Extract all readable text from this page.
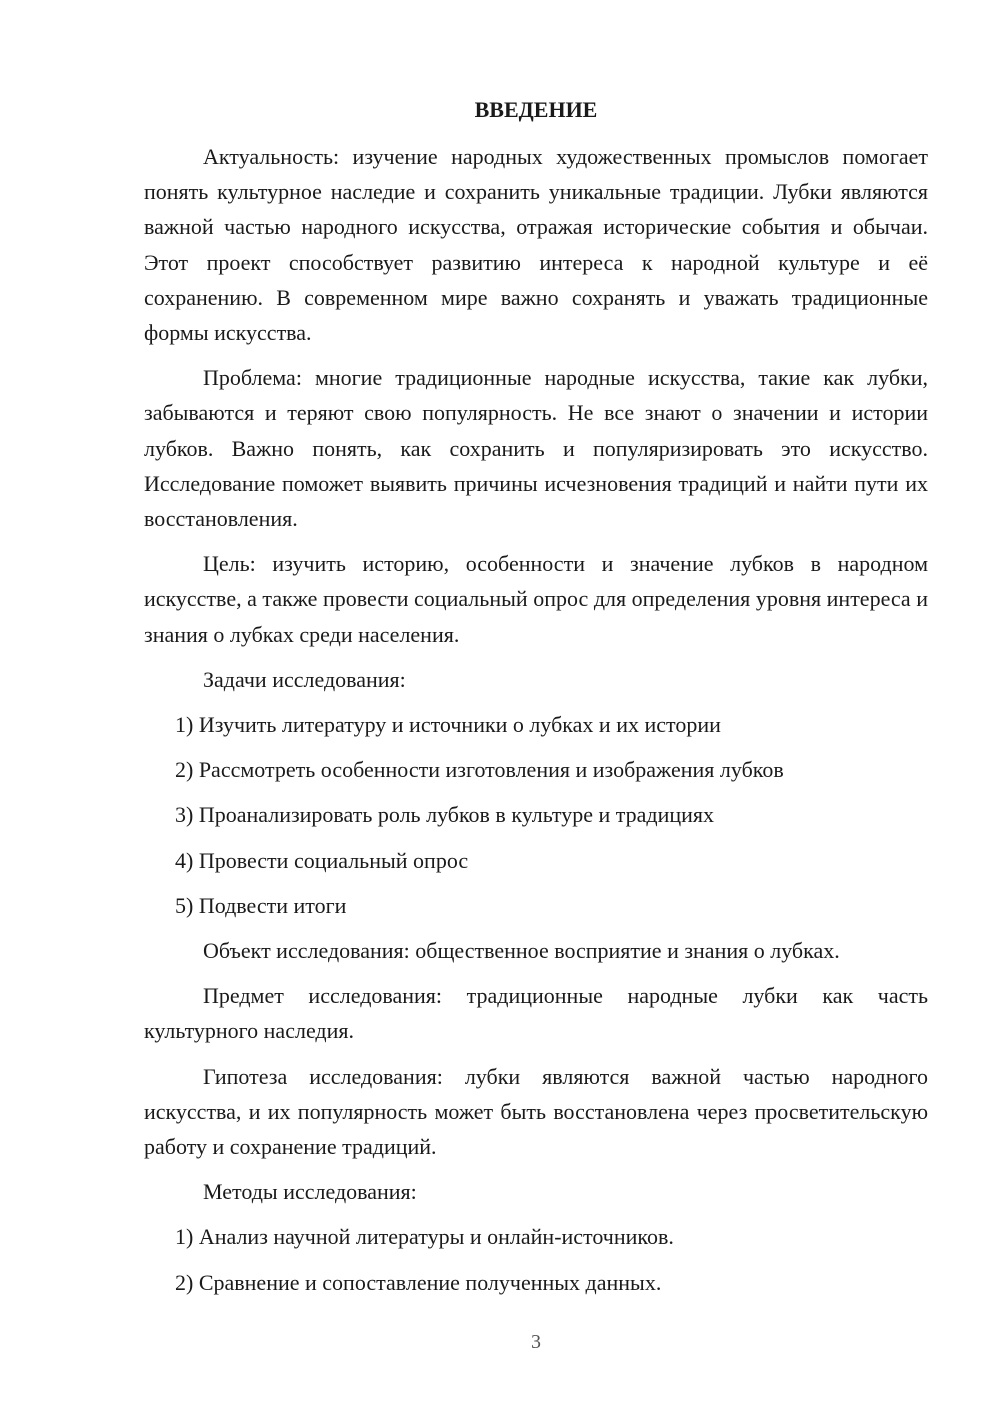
ВВЕДЕНИЕ

Актуальность: изучение народных художественных промыслов помогает понять культурное наследие и сохранить уникальные традиции. Лубки являются важной частью народного искусства, отражая исторические события и обычаи. Этот проект способствует развитию интереса к народной культуре и её сохранению. В современном мире важно сохранять и уважать традиционные формы искусства.

Проблема: многие традиционные народные искусства, такие как лубки, забываются и теряют свою популярность. Не все знают о значении и истории лубков. Важно понять, как сохранить и популяризировать это искусство. Исследование поможет выявить причины исчезновения традиций и найти пути их восстановления.

Цель: изучить историю, особенности и значение лубков в народном искусстве, а также провести социальный опрос для определения уровня интереса и знания о лубках среди населения.

Задачи исследования:

1) Изучить литературу и источники о лубках и их истории

2) Рассмотреть особенности изготовления и изображения лубков

3) Проанализировать роль лубков в культуре и традициях

4) Провести социальный опрос

5) Подвести итоги

Объект исследования: общественное восприятие и знания о лубках.

Предмет исследования: традиционные народные лубки как часть культурного наследия.

Гипотеза исследования: лубки являются важной частью народного искусства, и их популярность может быть восстановлена через просветительскую работу и сохранение традиций.

Методы исследования:

1) Анализ научной литературы и онлайн-источников.

2) Сравнение и сопоставление полученных данных.

3
